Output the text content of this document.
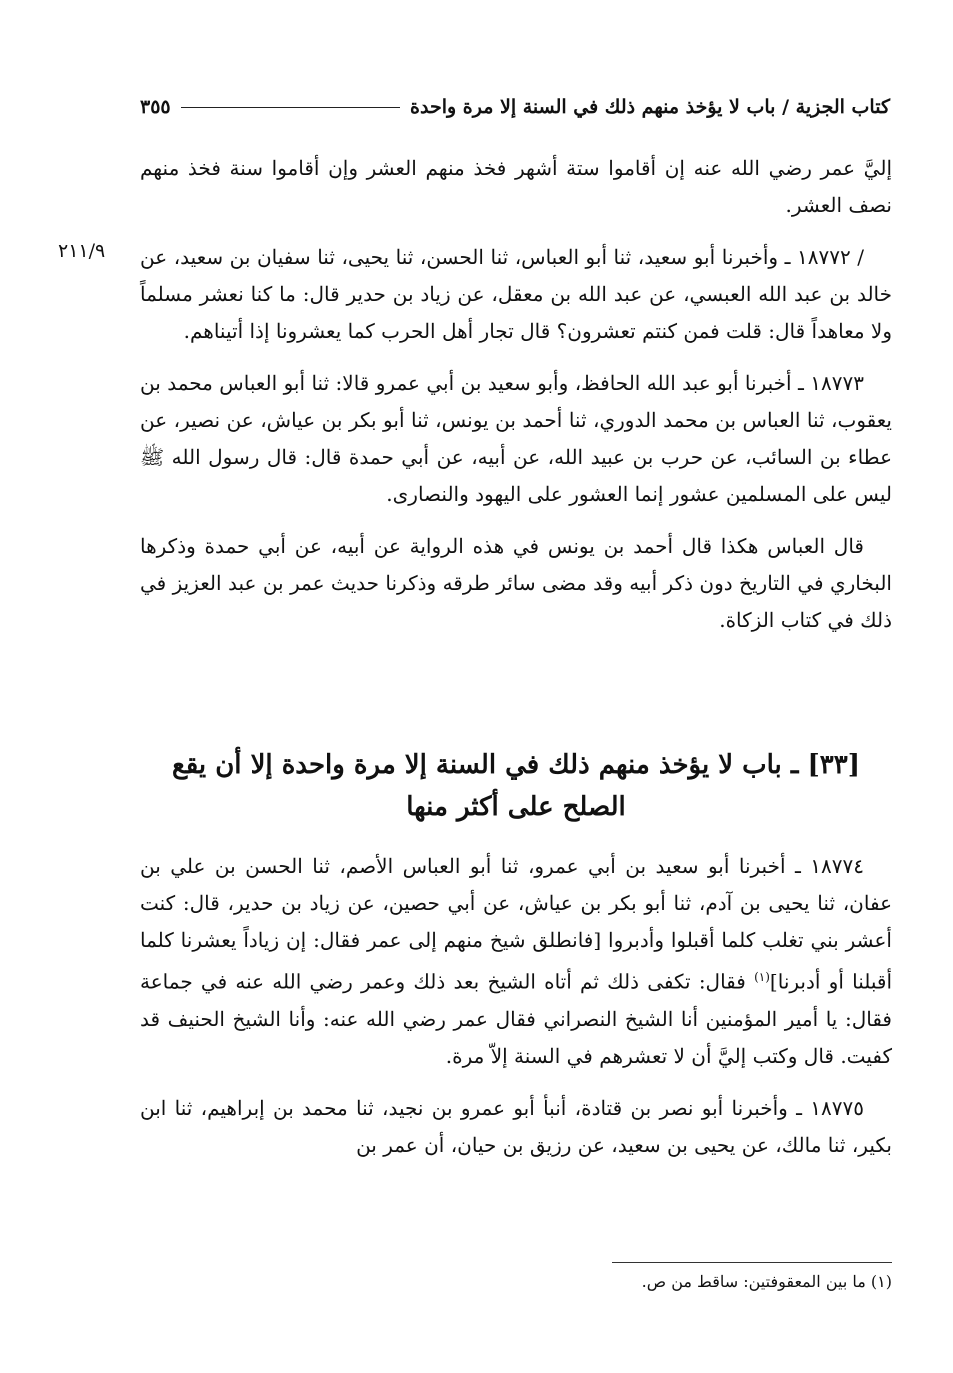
كتاب الجزية / باب لا يؤخذ منهم ذلك في السنة إلا مرة واحدة
٣٥٥
٢١١/٩

إليَّ عمر رضي الله عنه إن أقاموا ستة أشهر فخذ منهم العشر وإن أقاموا سنة فخذ منهم نصف العشر.

/ ١٨٧٧٢ ـ وأخبرنا أبو سعيد، ثنا أبو العباس، ثنا الحسن، ثنا يحيى، ثنا سفيان بن سعيد، عن خالد بن عبد الله العبسي، عن عبد الله بن معقل، عن زياد بن حدير قال: ما كنا نعشر مسلماً ولا معاهداً قال: قلت فمن كنتم تعشرون؟ قال تجار أهل الحرب كما يعشرونا إذا أتيناهم.

١٨٧٧٣ ـ أخبرنا أبو عبد الله الحافظ، وأبو سعيد بن أبي عمرو قالا: ثنا أبو العباس محمد بن يعقوب، ثنا العباس بن محمد الدوري، ثنا أحمد بن يونس، ثنا أبو بكر بن عياش، عن نصير، عن عطاء بن السائب، عن حرب بن عبيد الله، عن أبيه، عن أبي حمدة قال: قال رسول الله ﷺ ليس على المسلمين عشور إنما العشور على اليهود والنصارى.

قال العباس هكذا قال أحمد بن يونس في هذه الرواية عن أبيه، عن أبي حمدة وذكرها البخاري في التاريخ دون ذكر أبيه وقد مضى سائر طرقه وذكرنا حديث عمر بن عبد العزيز في ذلك في كتاب الزكاة.

[٣٣] ـ باب لا يؤخذ منهم ذلك في السنة إلا مرة واحدة إلا أن يقع الصلح على أكثر منها

١٨٧٧٤ ـ أخبرنا أبو سعيد بن أبي عمرو، ثنا أبو العباس الأصم، ثنا الحسن بن علي بن عفان، ثنا يحيى بن آدم، ثنا أبو بكر بن عياش، عن أبي حصين، عن زياد بن حدير، قال: كنت أعشر بني تغلب كلما أقبلوا وأدبروا [فانطلق شيخ منهم إلى عمر فقال: إن زياداً يعشرنا كلما أقبلنا أو أدبرنا]$^{(١)}$ فقال: تكفى ذلك ثم أتاه الشيخ بعد ذلك وعمر رضي الله عنه في جماعة فقال: يا أمير المؤمنين أنا الشيخ النصراني فقال عمر رضي الله عنه: وأنا الشيخ الحنيف قد كفيت. قال وكتب إليَّ أن لا تعشرهم في السنة إلاّ مرة.

١٨٧٧٥ ـ وأخبرنا أبو نصر بن قتادة، أنبأ أبو عمرو بن نجيد، ثنا محمد بن إبراهيم، ثنا ابن بكير، ثنا مالك، عن يحيى بن سعيد، عن رزيق بن حيان، أن عمر بن

(١) ما بين المعقوفتين: ساقط من ص.
